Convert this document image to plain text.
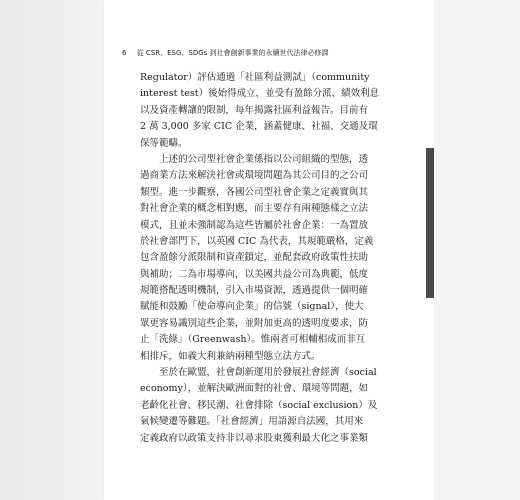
6 從 CSR、ESG、SDGs 到社會創新事業的永續世代法律必修課
Regulator）評估通過「社區利益測試」（community
interest test）後始得成立，並受有盈餘分派、績效利息
以及資產轉讓的限制，每年揭露社區利益報告。目前有
2 萬 3,000 多家 CIC 企業，涵蓋健康、社福、交通及環
保等範疇。
　　上述的公司型社會企業係指以公司組織的型態，透
過商業方法來解決社會或環境問題為其公司目的之公司
類型。進一步觀察，各國公司型社會企業之定義實與其
對社會企業的概念相對應，而主要存有兩種態樣之立法
模式，且並未強制認為這些皆屬於社會企業：一為置放
於社會部門下，以英國 CIC 為代表，其規範嚴格，定義
包含盈餘分派限制和資產鎖定，並配套政府政策性扶助
與補助；二為市場導向，以美國共益公司為典範，低度
規範搭配透明機制，引入市場資源，透過提供一個明確
賦能和鼓勵「使命導向企業」的信號（signal），使大
眾更容易識別這些企業，並附加更高的透明度要求，防
止「洗綠」（Greenwash）。惟兩者可相輔相成而非互
相排斥，如義大利兼納兩種型態立法方式。
　　至於在歐盟，社會創新運用於發展社會經濟（social
economy），並解決歐洲面對的社會、環境等問題，如
老齡化社會、移民潮、社會排除（social exclusion）及
氣候變遷等難題。「社會經濟」用語源自法國，其用來
定義政府以政策支持非以尋求股東獲利最大化之事業類
